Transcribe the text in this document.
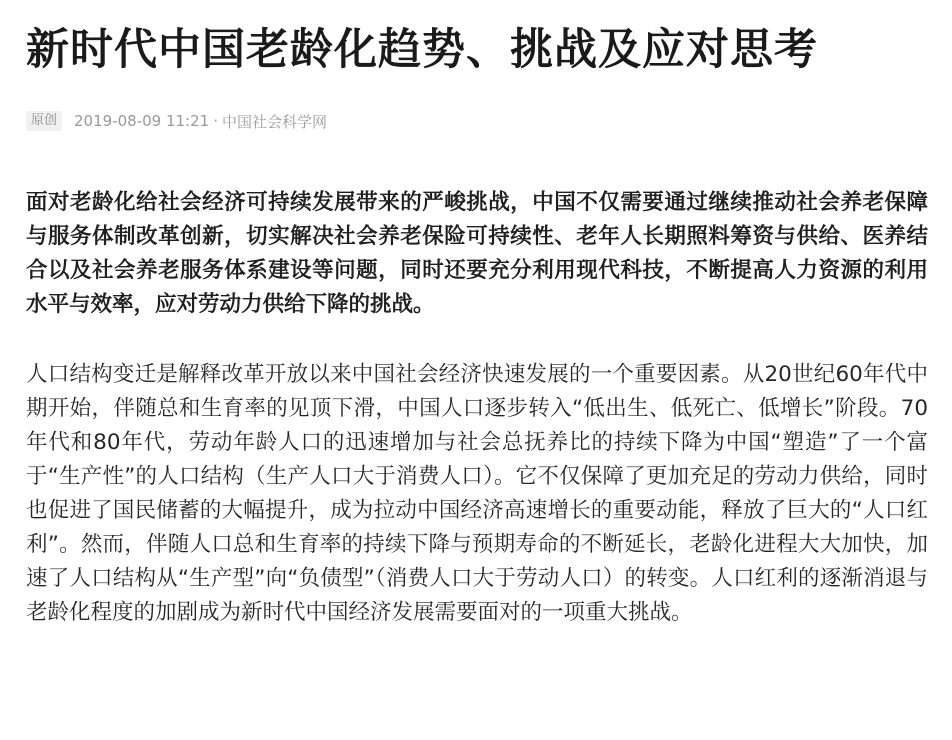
新时代中国老龄化趋势、挑战及应对思考
原创	2019-08-09 11:21 · 中国社会科学网

面对老龄化给社会经济可持续发展带来的严峻挑战，中国不仅需要通过继续推动社会养老保障与服务体制改革创新，切实解决社会养老保险可持续性、老年人长期照料筹资与供给、医养结合以及社会养老服务体系建设等问题，同时还要充分利用现代科技，不断提高人力资源的利用水平与效率，应对劳动力供给下降的挑战。

人口结构变迁是解释改革开放以来中国社会经济快速发展的一个重要因素。从20世纪60年代中期开始，伴随总和生育率的见顶下滑，中国人口逐步转入“低出生、低死亡、低增长”阶段。70年代和80年代，劳动年龄人口的迅速增加与社会总抚养比的持续下降为中国“塑造”了一个富于“生产性”的人口结构（生产人口大于消费人口）。它不仅保障了更加充足的劳动力供给，同时也促进了国民储蓄的大幅提升，成为拉动中国经济高速增长的重要动能，释放了巨大的“人口红利”。然而，伴随人口总和生育率的持续下降与预期寿命的不断延长，老龄化进程大大加快，加速了人口结构从“生产型”向“负债型”（消费人口大于劳动人口）的转变。人口红利的逐渐消退与老龄化程度的加剧成为新时代中国经济发展需要面对的一项重大挑战。
